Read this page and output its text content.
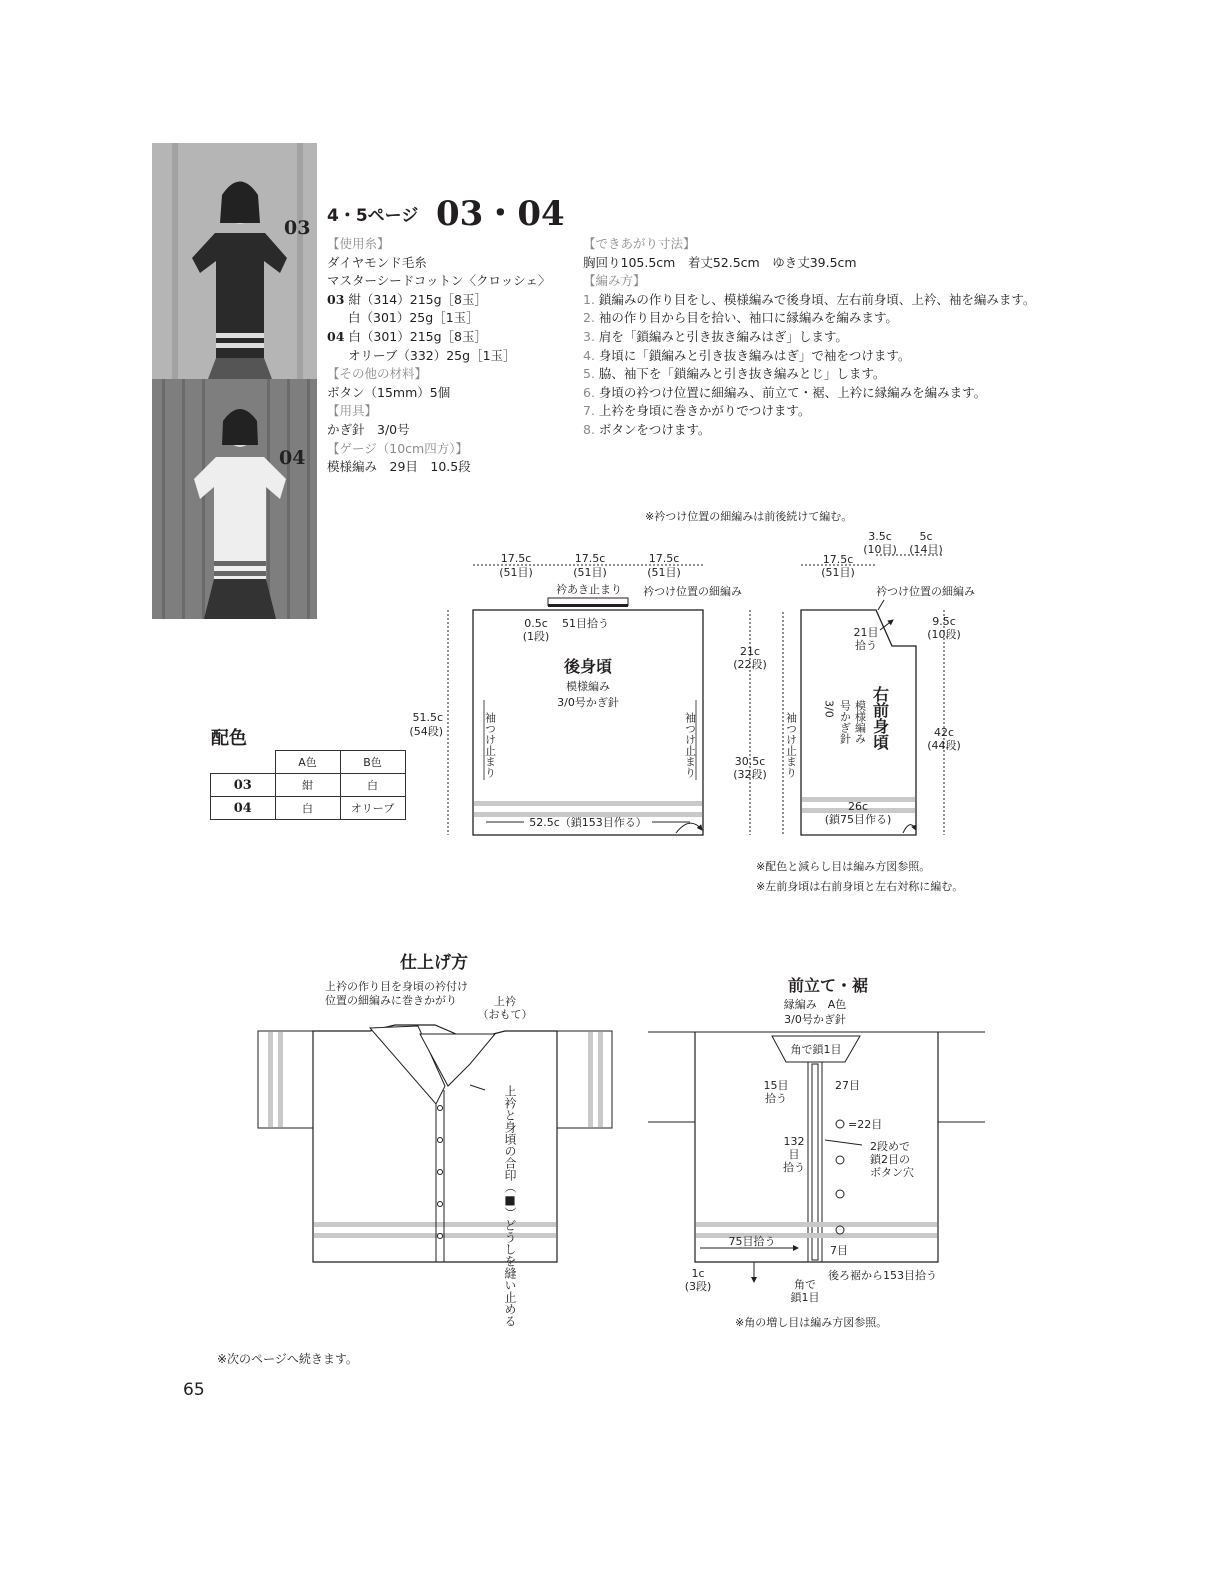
03
04
4・5ページ 03・04
【使用糸】
ダイヤモンド毛糸
マスターシードコットン〈クロッシェ〉
03 紺（314）215g［8玉］
白（301）25g［1玉］
04 白（301）215g［8玉］
オリーブ（332）25g［1玉］
【その他の材料】
ボタン（15mm）5個
【用具】
かぎ針　3/0号
【ゲージ（10cm四方）】
模様編み　29目　10.5段
【できあがり寸法】
胸回り105.5cm　着丈52.5cm　ゆき丈39.5cm
【編み方】
1. 鎖編みの作り目をし、模様編みで後身頃、左右前身頃、上衿、袖を編みます。
2. 袖の作り目から目を拾い、袖口に縁編みを編みます。
3. 肩を「鎖編みと引き抜き編みはぎ」します。
4. 身頃に「鎖編みと引き抜き編みはぎ」で袖をつけます。
5. 脇、袖下を「鎖編みと引き抜き編みとじ」します。
6. 身頃の衿つけ位置に細編み、前立て・裾、上衿に縁編みを編みます。
7. 上衿を身頃に巻きかがりでつけます。
8. ボタンをつけます。
配色
	A色	B色
03	紺	白
04	白	オリーブ
※衿つけ位置の細編みは前後続けて編む。
17.5c
(51目)
17.5c
(51目)
17.5c
(51目)
衿あき止まり 衿つけ位置の細編み
51目拾う
0.5c
(1段)
後身頃
模様編み
3/0号かぎ針
51.5c
(54段)	袖つけ止まり	袖つけ止まり
52.5c（鎖153目作る）
21c
(22段)
30.5c
(32段)
3.5c
(10目)
5c
(14目)
17.5c
(51目)
衿つけ位置の細編み
21目
拾う
9.5c
(10段)
42c
(44段)
3/0 号かぎ針 模様編み 右前身頃
袖つけ止まり
26c
(鎖75目作る)
※配色と減らし目は編み方図参照。
※左前身頃は右前身頃と左右対称に編む。
仕上げ方
上衿の作り目を身頃の衿付け
位置の細編みに巻きかがり	上衿
（おもて）
上衿と身頃の合印（■）どうしを縫い止める
前立て・裾
縁編み　A色
3/0号かぎ針
角で鎖1目
15目
拾う
27目
=22目
132
目
拾う
2段めで
鎖2目の
ボタン穴
75目拾う
7目
1c
(3段)	角で
鎖1目
後ろ裾から153目拾う
※角の増し目は編み方図参照。
※次のページへ続きます。
65
